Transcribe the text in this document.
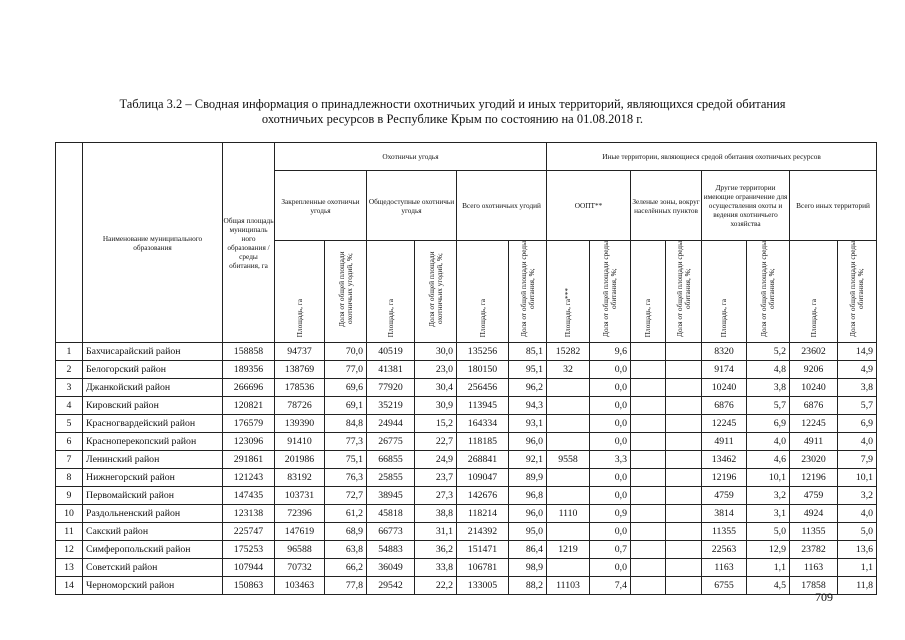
Таблица 3.2 – Сводная информация о принадлежности охотничьих угодий и иных территорий, являющихся средой обитания
охотничьих ресурсов в Республике Крым по состоянию на 01.08.2018 г.
	Наименование муниципального образования	Общая площадь муниципаль ного образования /среды обитания, га	Охотничьи угодья						Иные территории, являющиеся средой обитания охотничьих ресурсов							
			Закрепленные охотничьи угодья		Общедоступные охотничьи угодья		Всего охотничьих угодий		ООПТ**		Зеленые зоны, вокруг населённых пунктов		Другие территории имеющие ограничение для осуществления охоты и ведения охотничьего хозяйства		Всего иных территорий	
			Площадь, га	Доля от общей площади охотничьих угодий, %;	Площадь, га	Доля от общей площади охотничьих угодий, %;	Площадь, га	Доля от общей площади среды обитания, %;	Площадь, га***	Доля от общей площади среды обитания, %;	Площадь, га	Доля от общей площади среды обитания, %;	Площадь, га	Доля от общей площади среды обитания, %;	Площадь, га	Доля от общей площади среды обитания, %;
1	Бахчисарайский район	158858	94737	70,0	40519	30,0	135256	85,1	15282	9,6			8320	5,2	23602	14,9
2	Белогорский район	189356	138769	77,0	41381	23,0	180150	95,1	32	0,0			9174	4,8	9206	4,9
3	Джанкойский район	266696	178536	69,6	77920	30,4	256456	96,2		0,0			10240	3,8	10240	3,8
4	Кировский район	120821	78726	69,1	35219	30,9	113945	94,3		0,0			6876	5,7	6876	5,7
5	Красногвардейский район	176579	139390	84,8	24944	15,2	164334	93,1		0,0			12245	6,9	12245	6,9
6	Красноперекопский район	123096	91410	77,3	26775	22,7	118185	96,0		0,0			4911	4,0	4911	4,0
7	Ленинский район	291861	201986	75,1	66855	24,9	268841	92,1	9558	3,3			13462	4,6	23020	7,9
8	Нижнегорский район	121243	83192	76,3	25855	23,7	109047	89,9		0,0			12196	10,1	12196	10,1
9	Первомайский район	147435	103731	72,7	38945	27,3	142676	96,8		0,0			4759	3,2	4759	3,2
10	Раздольненский район	123138	72396	61,2	45818	38,8	118214	96,0	1110	0,9			3814	3,1	4924	4,0
11	Сакский район	225747	147619	68,9	66773	31,1	214392	95,0		0,0			11355	5,0	11355	5,0
12	Симферопольский район	175253	96588	63,8	54883	36,2	151471	86,4	1219	0,7			22563	12,9	23782	13,6
13	Советский район	107944	70732	66,2	36049	33,8	106781	98,9		0,0			1163	1,1	1163	1,1
14	Черноморский район	150863	103463	77,8	29542	22,2	133005	88,2	11103	7,4			6755	4,5	17858	11,8
709
